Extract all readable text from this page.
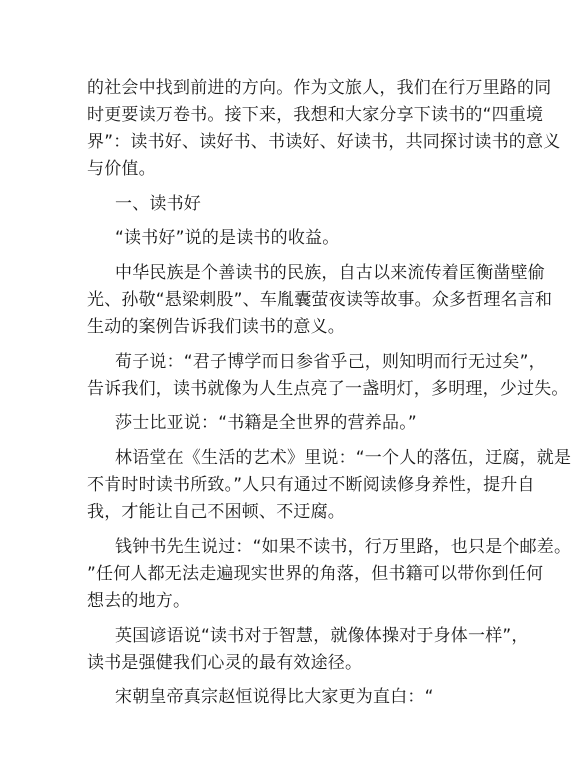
的社会中找到前进的方向。作为文旅人，我们在行万里路的同
时更要读万卷书。接下来，我想和大家分享下读书的“四重境
界”：读书好、读好书、书读好、好读书，共同探讨读书的意义
与价值。
一、读书好
“读书好”说的是读书的收益。
中华民族是个善读书的民族，自古以来流传着匡衡凿壁偷
光、孙敬“悬梁刺股”、车胤囊萤夜读等故事。众多哲理名言和
生动的案例告诉我们读书的意义。
荀子说：“君子博学而日参省乎己，则知明而行无过矣”，
告诉我们，读书就像为人生点亮了一盏明灯，多明理，少过失。
莎士比亚说：“书籍是全世界的营养品。”
林语堂在《生活的艺术》里说：“一个人的落伍，迂腐，就是
不肯时时读书所致。”人只有通过不断阅读修身养性，提升自
我，才能让自己不困顿、不迂腐。
钱钟书先生说过：“如果不读书，行万里路，也只是个邮差。
”任何人都无法走遍现实世界的角落，但书籍可以带你到任何
想去的地方。
英国谚语说“读书对于智慧，就像体操对于身体一样”，
读书是强健我们心灵的最有效途径。
宋朝皇帝真宗赵恒说得比大家更为直白：“
